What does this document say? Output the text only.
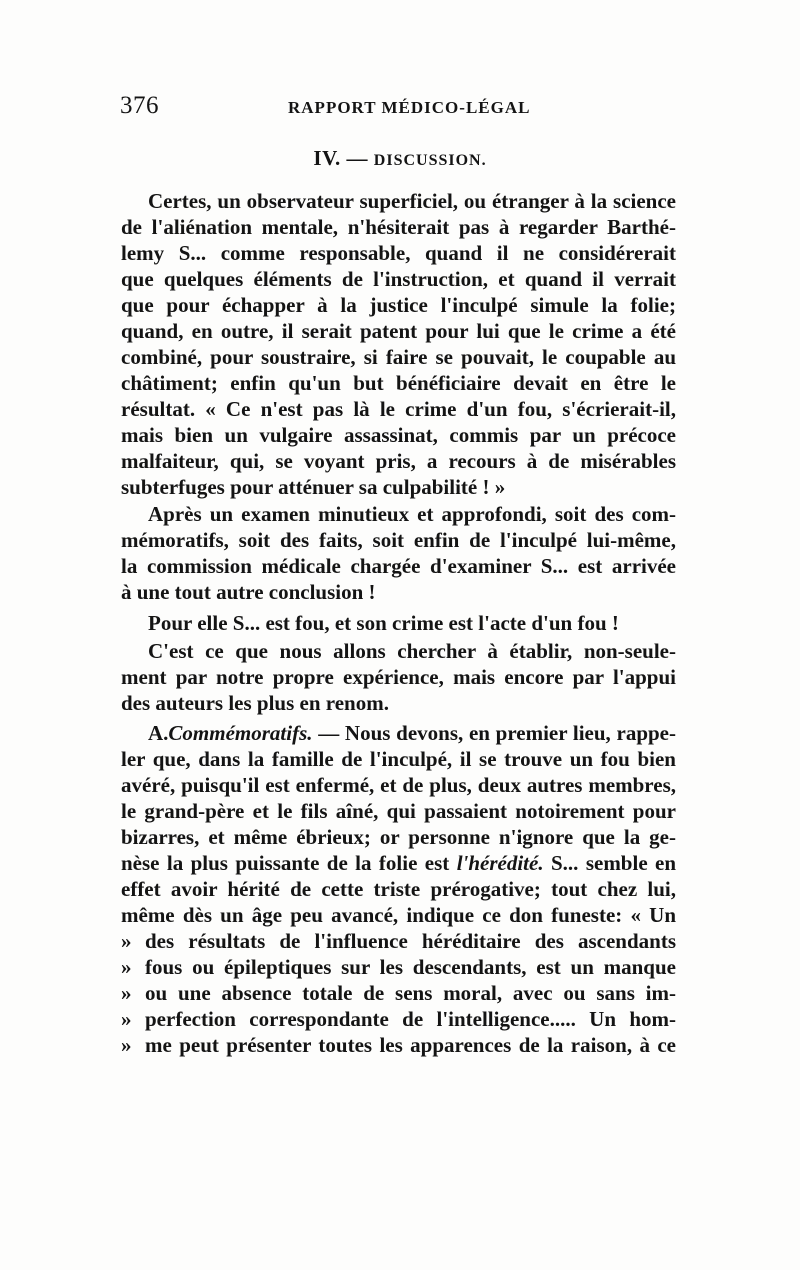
376	RAPPORT MÉDICO-LÉGAL
IV. — DISCUSSION.
Certes, un observateur superficiel, ou étranger à la science
de l'aliénation mentale, n'hésiterait pas à regarder Barthé-
lemy S... comme responsable, quand il ne considérerait
que quelques éléments de l'instruction, et quand il verrait
que pour échapper à la justice l'inculpé simule la folie;
quand, en outre, il serait patent pour lui que le crime a été
combiné, pour soustraire, si faire se pouvait, le coupable au
châtiment; enfin qu'un but bénéficiaire devait en être le
résultat. « Ce n'est pas là le crime d'un fou, s'écrierait-il,
mais bien un vulgaire assassinat, commis par un précoce
malfaiteur, qui, se voyant pris, a recours à de misérables
subterfuges pour atténuer sa culpabilité ! »
Après un examen minutieux et approfondi, soit des com-
mémoratifs, soit des faits, soit enfin de l'inculpé lui-même,
la commission médicale chargée d'examiner S... est arrivée
à une tout autre conclusion !
Pour elle S... est fou, et son crime est l'acte d'un fou !
C'est ce que nous allons chercher à établir, non-seule-
ment par notre propre expérience, mais encore par l'appui
des auteurs les plus en renom.
A.Commémoratifs. — Nous devons, en premier lieu, rappe-
ler que, dans la famille de l'inculpé, il se trouve un fou bien
avéré, puisqu'il est enfermé, et de plus, deux autres membres,
le grand-père et le fils aîné, qui passaient notoirement pour
bizarres, et même ébrieux; or personne n'ignore que la ge-
nèse la plus puissante de la folie est l'hérédité. S... semble en
effet avoir hérité de cette triste prérogative; tout chez lui,
même dès un âge peu avancé, indique ce don funeste: « Un
» des résultats de l'influence héréditaire des ascendants
» fous ou épileptiques sur les descendants, est un manque
» ou une absence totale de sens moral, avec ou sans im-
» perfection correspondante de l'intelligence..... Un hom-
» me peut présenter toutes les apparences de la raison, à ce
